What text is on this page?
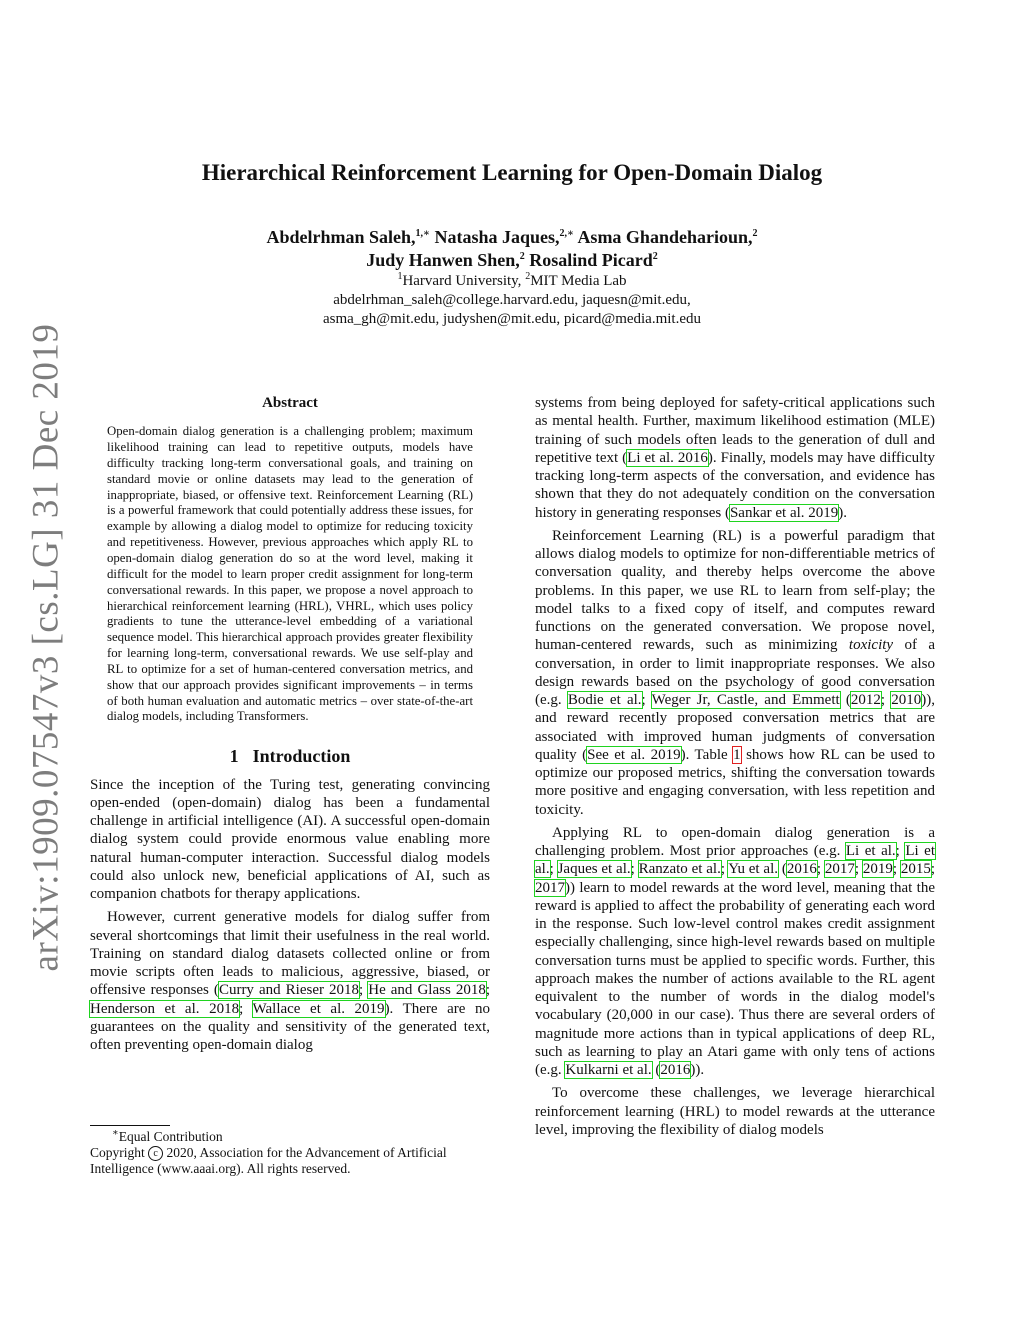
arXiv:1909.07547v3 [cs.LG] 31 Dec 2019
Hierarchical Reinforcement Learning for Open-Domain Dialog
Abdelrhman Saleh,$^{1,∗}$ Natasha Jaques,$^{2,∗}$ Asma Ghandeharioun,$^2$
Judy Hanwen Shen,$^2$ Rosalind Picard$^2$
$^1$Harvard University, $^2$MIT Media Lab
abdelrhman_saleh@college.harvard.edu, jaquesn@mit.edu,
asma_gh@mit.edu, judyshen@mit.edu, picard@media.mit.edu
Abstract
Open-domain dialog generation is a challenging problem; maximum likelihood training can lead to repetitive outputs, models have difficulty tracking long-term conversational goals, and training on standard movie or online datasets may lead to the generation of inappropriate, biased, or offensive text. Reinforcement Learning (RL) is a powerful framework that could potentially address these issues, for example by allowing a dialog model to optimize for reducing toxicity and repetitiveness. However, previous approaches which apply RL to open-domain dialog generation do so at the word level, making it difficult for the model to learn proper credit assignment for long-term conversational rewards. In this paper, we propose a novel approach to hierarchical reinforcement learning (HRL), VHRL, which uses policy gradients to tune the utterance-level embedding of a variational sequence model. This hierarchical approach provides greater flexibility for learning long-term, conversational rewards. We use self-play and RL to optimize for a set of human-centered conversation metrics, and show that our approach provides significant improvements – in terms of both human evaluation and automatic metrics – over state-of-the-art dialog models, including Transformers.
1 Introduction

Since the inception of the Turing test, generating convincing open-ended (open-domain) dialog has been a fundamental challenge in artificial intelligence (AI). A successful open-domain dialog system could provide enormous value enabling more natural human-computer interaction. Successful dialog models could also unlock new, beneficial applications of AI, such as companion chatbots for therapy applications.

However, current generative models for dialog suffer from several shortcomings that limit their usefulness in the real world. Training on standard dialog datasets collected online or from movie scripts often leads to malicious, aggressive, biased, or offensive responses (Curry and Rieser 2018; He and Glass 2018; Henderson et al. 2018; Wallace et al. 2019). There are no guarantees on the quality and sensitivity of the generated text, often preventing open-domain dialog

systems from being deployed for safety-critical applications such as mental health. Further, maximum likelihood estimation (MLE) training of such models often leads to the generation of dull and repetitive text (Li et al. 2016). Finally, models may have difficulty tracking long-term aspects of the conversation, and evidence has shown that they do not adequately condition on the conversation history in generating responses (Sankar et al. 2019).

Reinforcement Learning (RL) is a powerful paradigm that allows dialog models to optimize for non-differentiable metrics of conversation quality, and thereby helps overcome the above problems. In this paper, we use RL to learn from self-play; the model talks to a fixed copy of itself, and computes reward functions on the generated conversation. We propose novel, human-centered rewards, such as minimizing toxicity of a conversation, in order to limit inappropriate responses. We also design rewards based on the psychology of good conversation (e.g. Bodie et al.; Weger Jr, Castle, and Emmett (2012; 2010)), and reward recently proposed conversation metrics that are associated with improved human judgments of conversation quality (See et al. 2019). Table 1 shows how RL can be used to optimize our proposed metrics, shifting the conversation towards more positive and engaging conversation, with less repetition and toxicity.

Applying RL to open-domain dialog generation is a challenging problem. Most prior approaches (e.g. Li et al.; Li et al.; Jaques et al.; Ranzato et al.; Yu et al. (2016; 2017; 2019; 2015; 2017)) learn to model rewards at the word level, meaning that the reward is applied to affect the probability of generating each word in the response. Such low-level control makes credit assignment especially challenging, since high-level rewards based on multiple conversation turns must be applied to specific words. Further, this approach makes the number of actions available to the RL agent equivalent to the number of words in the dialog model's vocabulary (20,000 in our case). Thus there are several orders of magnitude more actions than in typical applications of deep RL, such as learning to play an Atari game with only tens of actions (e.g. Kulkarni et al. (2016)).

To overcome these challenges, we leverage hierarchical reinforcement learning (HRL) to model rewards at the utterance level, improving the flexibility of dialog models

∗Equal Contribution
Copyright c 2020, Association for the Advancement of Artificial Intelligence (www.aaai.org). All rights reserved.
